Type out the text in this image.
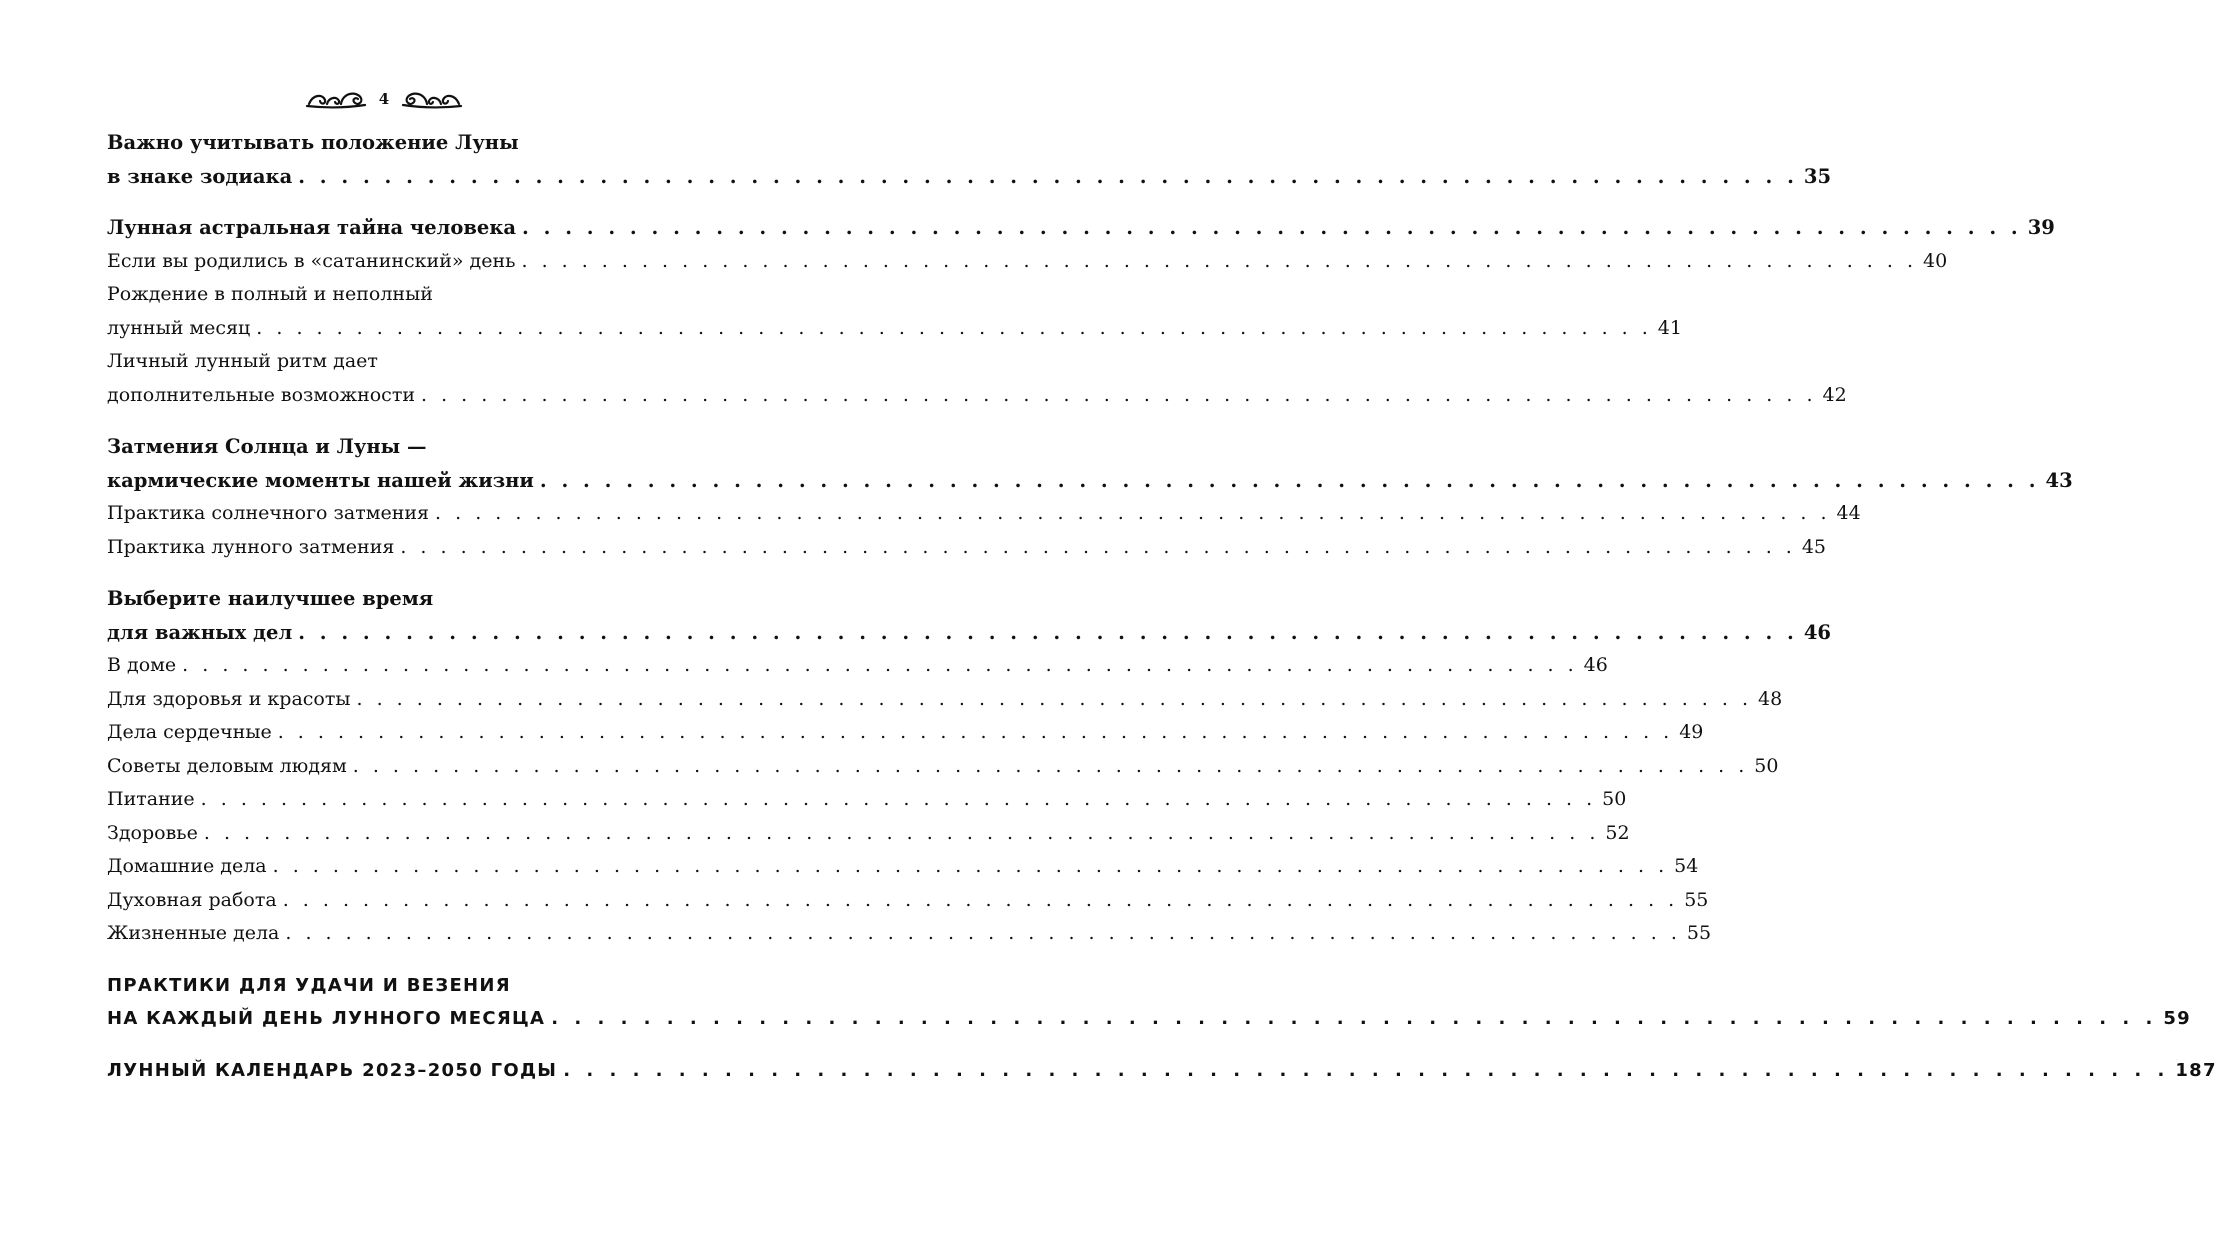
4
Важно учитывать положение Луны
в знаке зодиака . . . . . . . . . . . . . . . . . . . . . . . . . . . . . . . . . . . . . . . . . . . . . . . . . . . . . . . . . . . . . . . . . . . . . . 35
Лунная астральная тайна человека . . . . . . . . . . . . . . . . . . . . . . . . . . . . . . . . . . . . . . . . . . . . . . . . . . . . . . . . . . . . . . . . . . . . . . 39
Если вы родились в «сатанинский» день . . . . . . . . . . . . . . . . . . . . . . . . . . . . . . . . . . . . . . . . . . . . . . . . . . . . . . . . . . . . . . . . . . . . . . 40
Рождение в полный и неполный
лунный месяц . . . . . . . . . . . . . . . . . . . . . . . . . . . . . . . . . . . . . . . . . . . . . . . . . . . . . . . . . . . . . . . . . . . . . . 41
Личный лунный ритм дает
дополнительные возможности . . . . . . . . . . . . . . . . . . . . . . . . . . . . . . . . . . . . . . . . . . . . . . . . . . . . . . . . . . . . . . . . . . . . . . 42
Затмения Солнца и Луны —
кармические моменты нашей жизни . . . . . . . . . . . . . . . . . . . . . . . . . . . . . . . . . . . . . . . . . . . . . . . . . . . . . . . . . . . . . . . . . . . . . . 43
Практика солнечного затмения . . . . . . . . . . . . . . . . . . . . . . . . . . . . . . . . . . . . . . . . . . . . . . . . . . . . . . . . . . . . . . . . . . . . . . 44
Практика лунного затмения . . . . . . . . . . . . . . . . . . . . . . . . . . . . . . . . . . . . . . . . . . . . . . . . . . . . . . . . . . . . . . . . . . . . . . 45
Выберите наилучшее время
для важных дел . . . . . . . . . . . . . . . . . . . . . . . . . . . . . . . . . . . . . . . . . . . . . . . . . . . . . . . . . . . . . . . . . . . . . . 46
В доме . . . . . . . . . . . . . . . . . . . . . . . . . . . . . . . . . . . . . . . . . . . . . . . . . . . . . . . . . . . . . . . . . . . . . . 46
Для здоровья и красоты . . . . . . . . . . . . . . . . . . . . . . . . . . . . . . . . . . . . . . . . . . . . . . . . . . . . . . . . . . . . . . . . . . . . . . 48
Дела сердечные . . . . . . . . . . . . . . . . . . . . . . . . . . . . . . . . . . . . . . . . . . . . . . . . . . . . . . . . . . . . . . . . . . . . . . 49
Советы деловым людям . . . . . . . . . . . . . . . . . . . . . . . . . . . . . . . . . . . . . . . . . . . . . . . . . . . . . . . . . . . . . . . . . . . . . . 50
Питание . . . . . . . . . . . . . . . . . . . . . . . . . . . . . . . . . . . . . . . . . . . . . . . . . . . . . . . . . . . . . . . . . . . . . . 50
Здоровье . . . . . . . . . . . . . . . . . . . . . . . . . . . . . . . . . . . . . . . . . . . . . . . . . . . . . . . . . . . . . . . . . . . . . . 52
Домашние дела . . . . . . . . . . . . . . . . . . . . . . . . . . . . . . . . . . . . . . . . . . . . . . . . . . . . . . . . . . . . . . . . . . . . . . 54
Духовная работа . . . . . . . . . . . . . . . . . . . . . . . . . . . . . . . . . . . . . . . . . . . . . . . . . . . . . . . . . . . . . . . . . . . . . . 55
Жизненные дела . . . . . . . . . . . . . . . . . . . . . . . . . . . . . . . . . . . . . . . . . . . . . . . . . . . . . . . . . . . . . . . . . . . . . . 55
ПРАКТИКИ ДЛЯ УДАЧИ И ВЕЗЕНИЯ
НА КАЖДЫЙ ДЕНЬ ЛУННОГО МЕСЯЦА . . . . . . . . . . . . . . . . . . . . . . . . . . . . . . . . . . . . . . . . . . . . . . . . . . . . . . . . . . . . . . . . . . . . . . 59
ЛУННЫЙ КАЛЕНДАРЬ 2023–2050 ГОДЫ . . . . . . . . . . . . . . . . . . . . . . . . . . . . . . . . . . . . . . . . . . . . . . . . . . . . . . . . . . . . . . . . . . . . . . 187
